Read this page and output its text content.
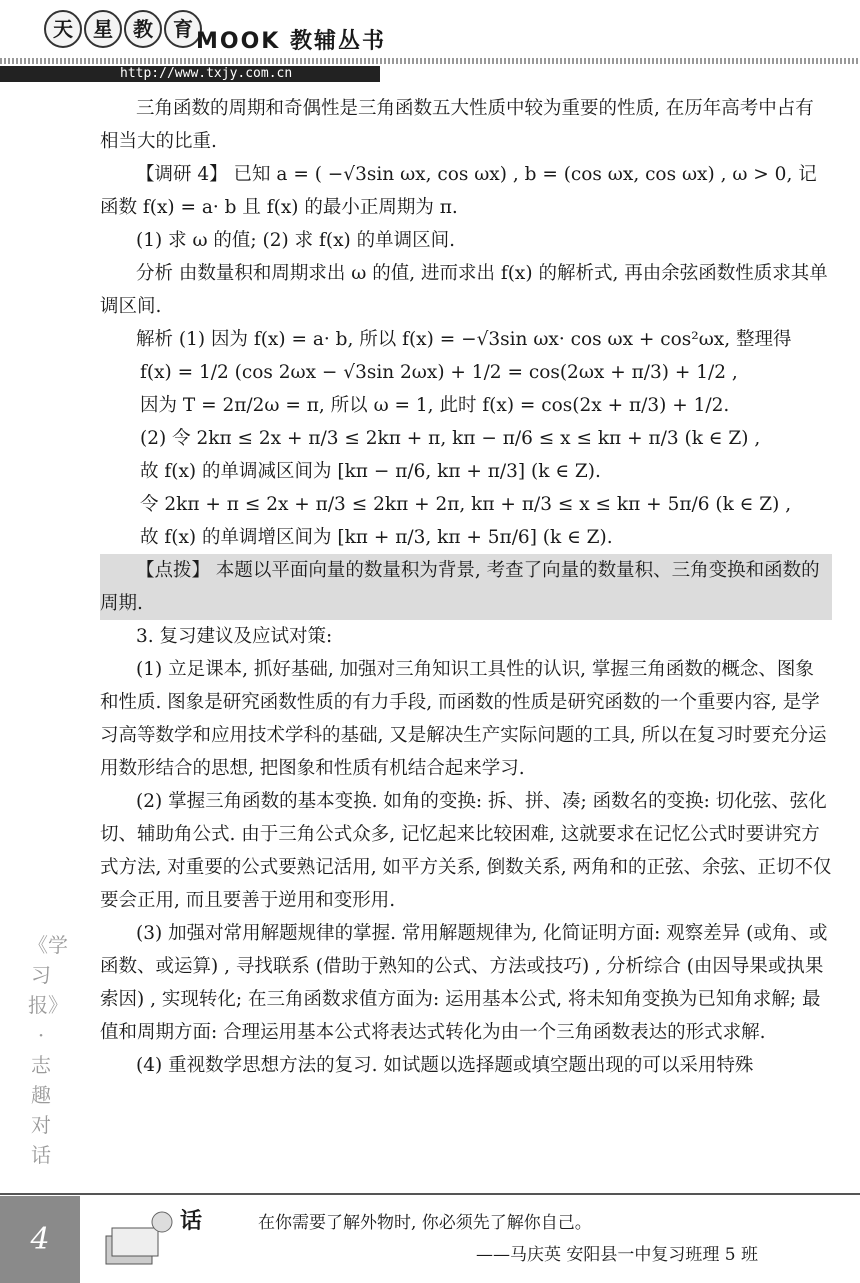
天	星	教	育 MOOK 教辅丛书
http://www.txjy.com.cn

三角函数的周期和奇偶性是三角函数五大性质中较为重要的性质, 在历年高考中占有相当大的比重.

【调研 4】 已知 a = ( −√3sin ωx, cos ωx) , b = (cos ωx, cos ωx) , ω > 0, 记函数 f(x) = a· b 且 f(x) 的最小正周期为 π.

(1) 求 ω 的值; (2) 求 f(x) 的单调区间.

分析 由数量积和周期求出 ω 的值, 进而求出 f(x) 的解析式, 再由余弦函数性质求其单调区间.

解析 (1) 因为 f(x) = a· b, 所以 f(x) = −√3sin ωx· cos ωx + cos²ωx, 整理得

f(x) = 1/2 (cos 2ωx − √3sin 2ωx) + 1/2 = cos(2ωx + π/3) + 1/2 ,

因为 T = 2π/2ω = π, 所以 ω = 1, 此时 f(x) = cos(2x + π/3) + 1/2.

(2) 令 2kπ ≤ 2x + π/3 ≤ 2kπ + π, kπ − π/6 ≤ x ≤ kπ + π/3 (k ∈ Z) ,

故 f(x) 的单调减区间为 [kπ − π/6, kπ + π/3] (k ∈ Z).

令 2kπ + π ≤ 2x + π/3 ≤ 2kπ + 2π, kπ + π/3 ≤ x ≤ kπ + 5π/6 (k ∈ Z) ,

故 f(x) 的单调增区间为 [kπ + π/3, kπ + 5π/6] (k ∈ Z).

【点拨】 本题以平面向量的数量积为背景, 考查了向量的数量积、三角变换和函数的周期.

3. 复习建议及应试对策:

(1) 立足课本, 抓好基础, 加强对三角知识工具性的认识, 掌握三角函数的概念、图象和性质. 图象是研究函数性质的有力手段, 而函数的性质是研究函数的一个重要内容, 是学习高等数学和应用技术学科的基础, 又是解决生产实际问题的工具, 所以在复习时要充分运用数形结合的思想, 把图象和性质有机结合起来学习.

(2) 掌握三角函数的基本变换. 如角的变换: 拆、拼、凑; 函数名的变换: 切化弦、弦化切、辅助角公式. 由于三角公式众多, 记忆起来比较困难, 这就要求在记忆公式时要讲究方式方法, 对重要的公式要熟记活用, 如平方关系, 倒数关系, 两角和的正弦、余弦、正切不仅要会正用, 而且要善于逆用和变形用.

(3) 加强对常用解题规律的掌握. 常用解题规律为, 化简证明方面: 观察差异 (或角、或函数、或运算) , 寻找联系 (借助于熟知的公式、方法或技巧) , 分析综合 (由因导果或执果索因) , 实现转化; 在三角函数求值方面为: 运用基本公式, 将未知角变换为已知角求解; 最值和周期方面: 合理运用基本公式将表达式转化为由一个三角函数表达的形式求解.

(4) 重视数学思想方法的复习. 如试题以选择题或填空题出现的可以采用特殊

《学习报》·志趣对话
4
话	在你需要了解外物时, 你必须先了解你自己。
——马庆英 安阳县一中复习班理 5 班
